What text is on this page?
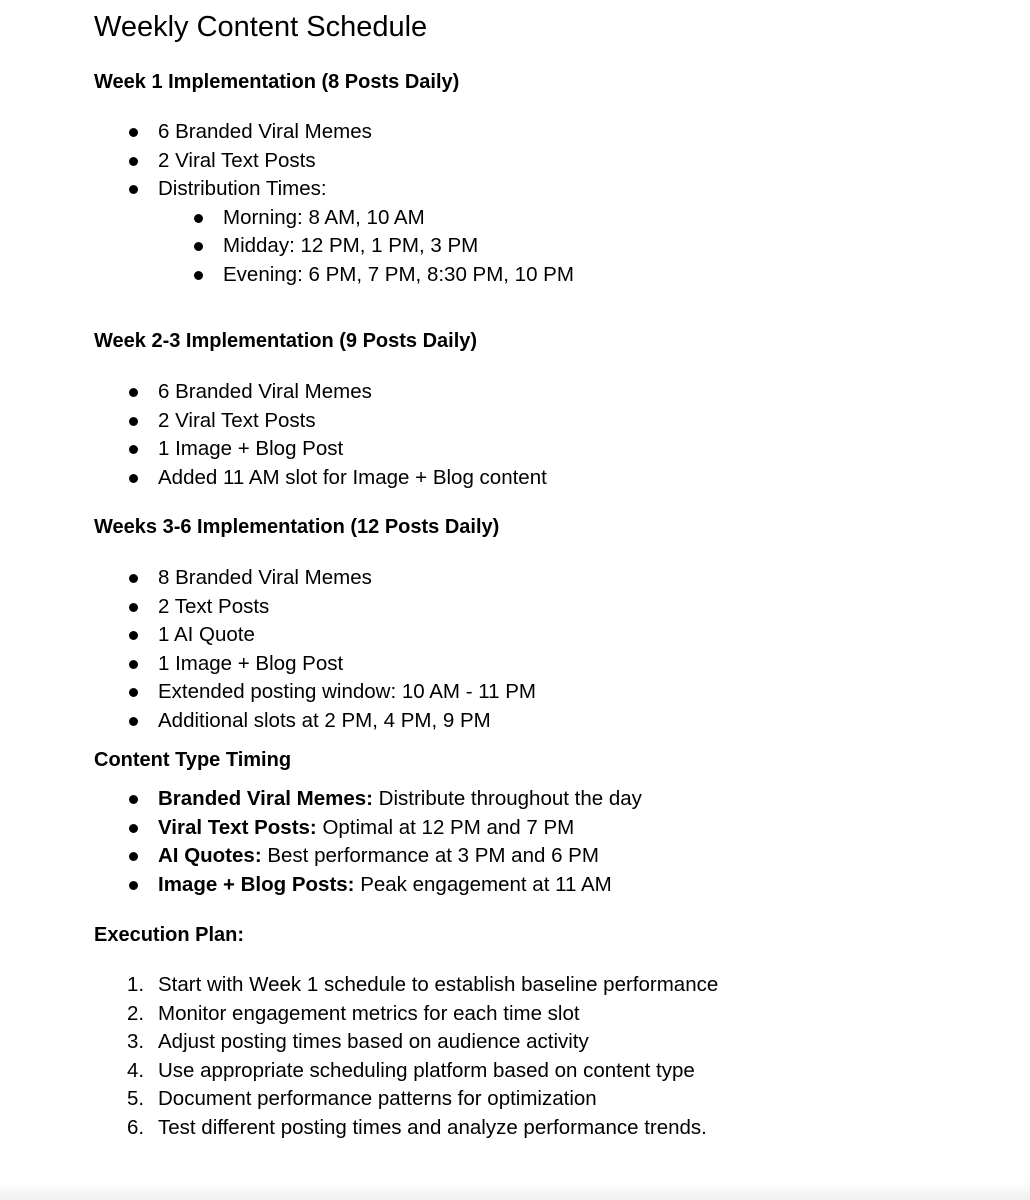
Weekly Content Schedule
Week 1 Implementation (8 Posts Daily)
6 Branded Viral Memes
2 Viral Text Posts
Distribution Times:
Morning: 8 AM, 10 AM
Midday: 12 PM, 1 PM, 3 PM
Evening: 6 PM, 7 PM, 8:30 PM, 10 PM
Week 2-3 Implementation (9 Posts Daily)
6 Branded Viral Memes
2 Viral Text Posts
1 Image + Blog Post
Added 11 AM slot for Image + Blog content
Weeks 3-6 Implementation (12 Posts Daily)
8 Branded Viral Memes
2 Text Posts
1 AI Quote
1 Image + Blog Post
Extended posting window: 10 AM - 11 PM
Additional slots at 2 PM, 4 PM, 9 PM
Content Type Timing
Branded Viral Memes: Distribute throughout the day
Viral Text Posts: Optimal at 12 PM and 7 PM
AI Quotes: Best performance at 3 PM and 6 PM
Image + Blog Posts: Peak engagement at 11 AM
Execution Plan:
1. Start with Week 1 schedule to establish baseline performance
2. Monitor engagement metrics for each time slot
3. Adjust posting times based on audience activity
4. Use appropriate scheduling platform based on content type
5. Document performance patterns for optimization
6. Test different posting times and analyze performance trends.
